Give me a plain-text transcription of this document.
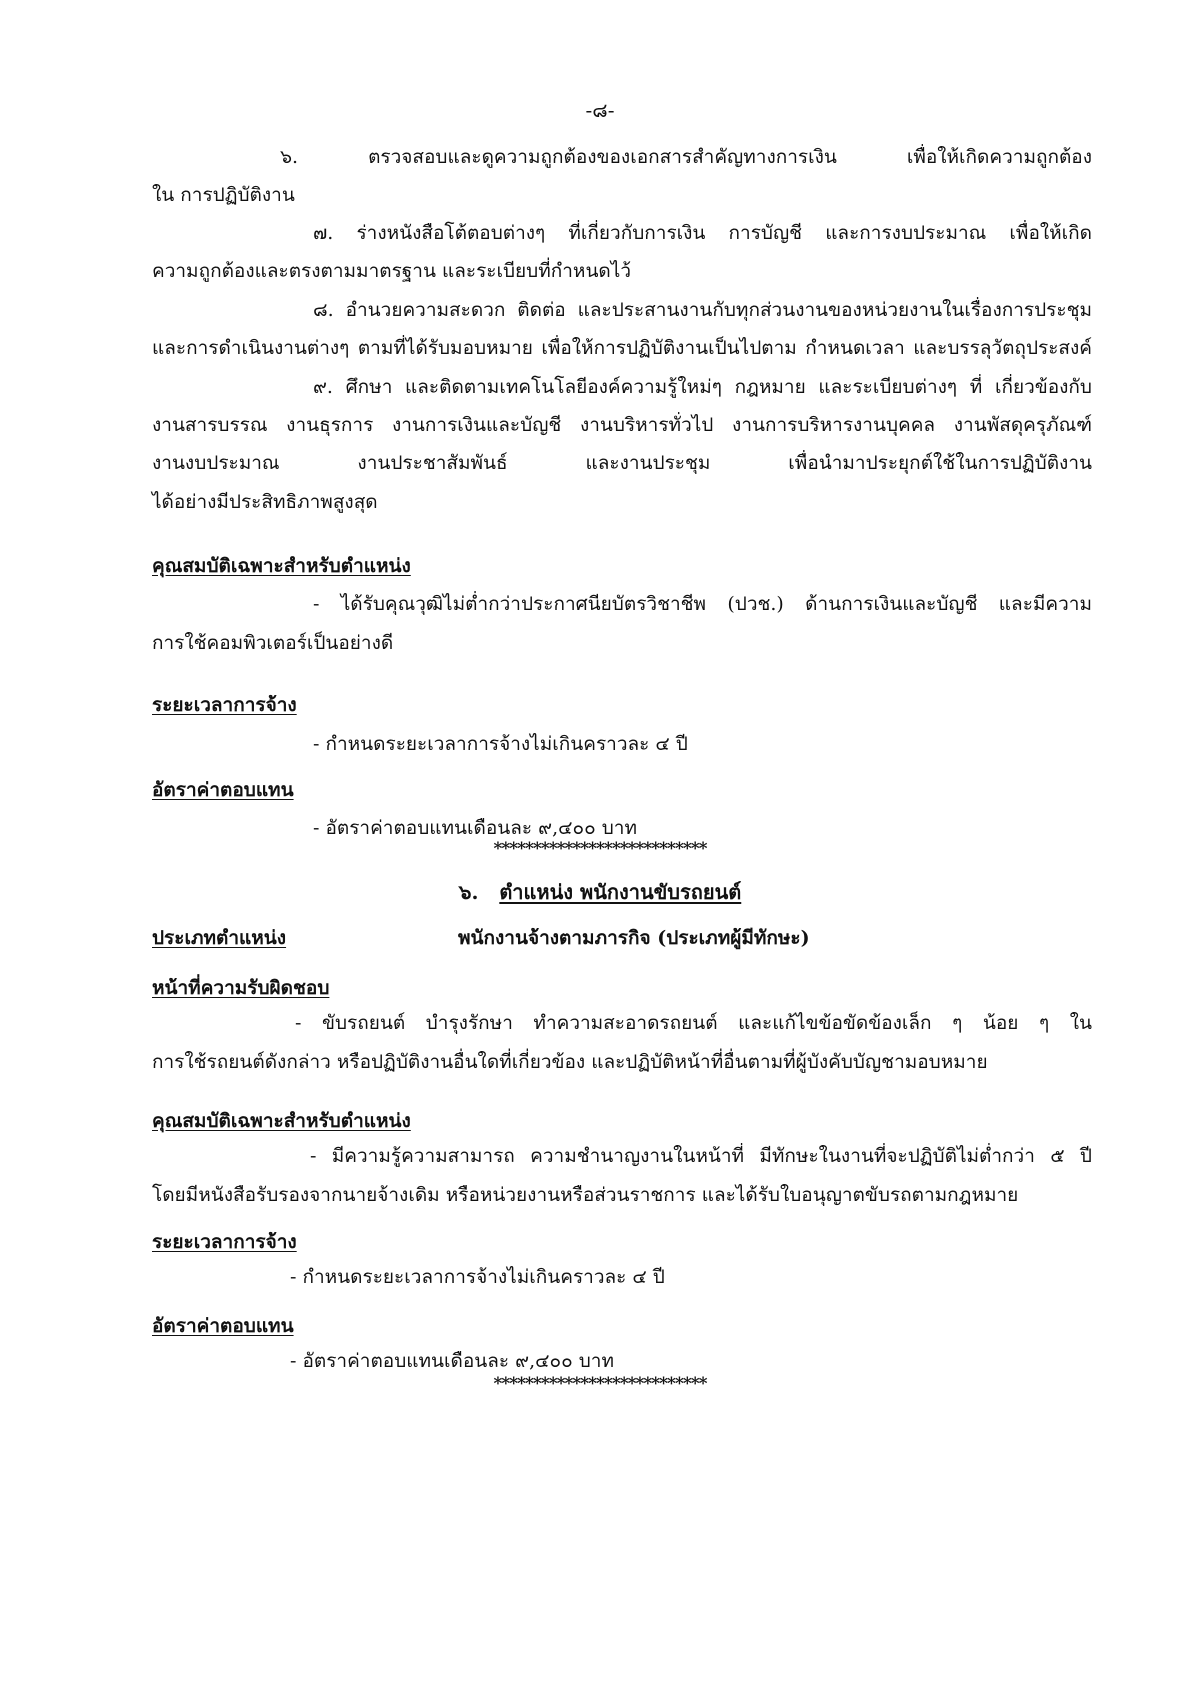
-๘-
๖. ตรวจสอบและดูความถูกต้องของเอกสารสำคัญทางการเงิน เพื่อให้เกิดความถูกต้อง
ใน การปฏิบัติงาน
๗. ร่างหนังสือโต้ตอบต่างๆ ที่เกี่ยวกับการเงิน การบัญชี และการงบประมาณ เพื่อให้เกิด
ความถูกต้องและตรงตามมาตรฐาน และระเบียบที่กำหนดไว้
๘. อำนวยความสะดวก ติดต่อ และประสานงานกับทุกส่วนงานของหน่วยงานในเรื่องการประชุม
และการดำเนินงานต่างๆ ตามที่ได้รับมอบหมาย เพื่อให้การปฏิบัติงานเป็นไปตาม กำหนดเวลา และบรรลุวัตถุประสงค์
๙. ศึกษา และติดตามเทคโนโลยีองค์ความรู้ใหม่ๆ กฎหมาย และระเบียบต่างๆ ที่ เกี่ยวข้องกับ
งานสารบรรณ งานธุรการ งานการเงินและบัญชี งานบริหารทั่วไป งานการบริหารงานบุคคล งานพัสดุครุภัณฑ์
งานงบประมาณ งานประชาสัมพันธ์ และงานประชุม เพื่อนำมาประยุกต์ใช้ในการปฏิบัติงาน
ได้อย่างมีประสิทธิภาพสูงสุด
คุณสมบัติเฉพาะสำหรับตำแหน่ง
- ได้รับคุณวุฒิไม่ต่ำกว่าประกาศนียบัตรวิชาชีพ (ปวช.) ด้านการเงินและบัญชี และมีความ
การใช้คอมพิวเตอร์เป็นอย่างดี
ระยะเวลาการจ้าง
- กำหนดระยะเวลาการจ้างไม่เกินคราวละ ๔ ปี
อัตราค่าตอบแทน
- อัตราค่าตอบแทนเดือนละ ๙,๔๐๐ บาท
***************************
๖. ตำแหน่ง พนักงานขับรถยนต์
ประเภทตำแหน่ง	พนักงานจ้างตามภารกิจ (ประเภทผู้มีทักษะ)
หน้าที่ความรับผิดชอบ
- ขับรถยนต์ บำรุงรักษา ทำความสะอาดรถยนต์ และแก้ไขข้อขัดข้องเล็ก ๆ น้อย ๆ ใน
การใช้รถยนต์ดังกล่าว หรือปฏิบัติงานอื่นใดที่เกี่ยวข้อง และปฏิบัติหน้าที่อื่นตามที่ผู้บังคับบัญชามอบหมาย
คุณสมบัติเฉพาะสำหรับตำแหน่ง
- มีความรู้ความสามารถ ความชำนาญงานในหน้าที่ มีทักษะในงานที่จะปฏิบัติไม่ต่ำกว่า ๕ ปี
โดยมีหนังสือรับรองจากนายจ้างเดิม หรือหน่วยงานหรือส่วนราชการ และได้รับใบอนุญาตขับรถตามกฎหมาย
ระยะเวลาการจ้าง
- กำหนดระยะเวลาการจ้างไม่เกินคราวละ ๔ ปี
อัตราค่าตอบแทน
- อัตราค่าตอบแทนเดือนละ ๙,๔๐๐ บาท
***************************
